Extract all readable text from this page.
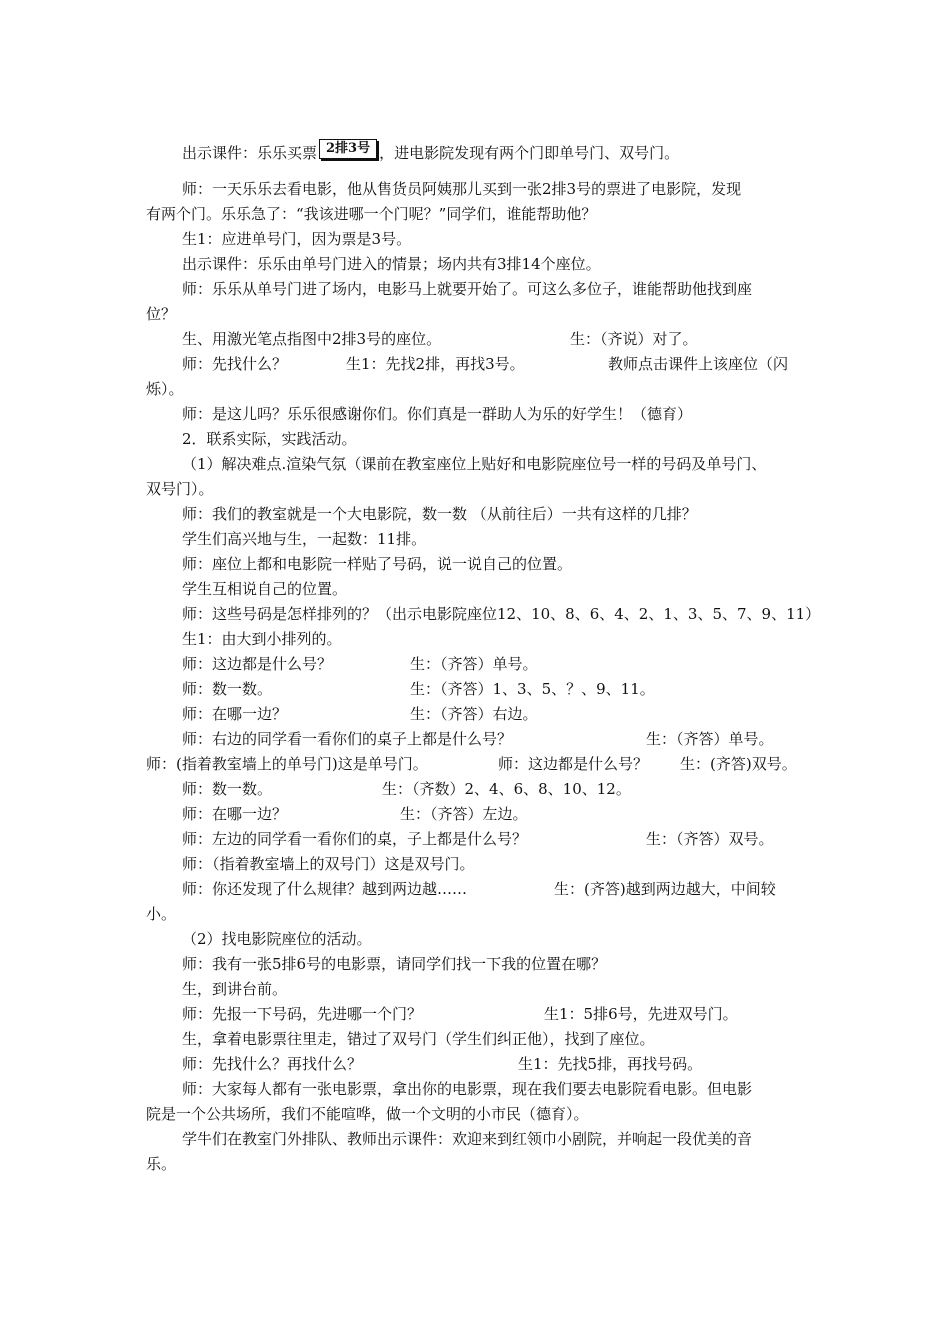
出示课件：乐乐买票 2排3号 ，进电影院发现有两个门即单号门、双号门。
师：一天乐乐去看电影，他从售货员阿姨那儿买到一张2排3号的票进了电影院，发现
有两个门。乐乐急了：“我该进哪一个门呢？”同学们，谁能帮助他？
生1：应进单号门，因为票是3号。
出示课件：乐乐由单号门进入的情景；场内共有3排14个座位。
师：乐乐从单号门进了场内，电影马上就要开始了。可这么多位子，谁能帮助他找到座
位？
生、用激光笔点指图中2排3号的座位。	生：（齐说）对了。
师：先找什么？	生1：先找2排，再找3号。	教师点击课件上该座位（闪
烁）。
师：是这儿吗？乐乐很感谢你们。你们真是一群助人为乐的好学生！（德育）
2．联系实际，实践活动。
（1）解决难点.渲染气氛（课前在教室座位上贴好和电影院座位号一样的号码及单号门、
双号门）。
师：我们的教室就是一个大电影院，数一数 （从前往后）一共有这样的几排？
学生们高兴地与生，一起数：11排。
师：座位上都和电影院一样贴了号码，说一说自己的位置。
学生互相说自己的位置。
师：这些号码是怎样排列的？（出示电影院座位12、10、8、6、4、2、1、3、5、7、9、11）
生1：由大到小排列的。
师：这边都是什么号？	生：（齐答）单号。
师：数一数。	生：（齐答）1、3、5、？、9、11。
师：在哪一边？	生：（齐答）右边。
师：右边的同学看一看你们的桌子上都是什么号？	生：（齐答）单号。
师：(指着教室墙上的单号门)这是单号门。	师：这边都是什么号？ 生：(齐答)双号。
师：数一数。	生：（齐数）2、4、6、8、10、12。
师：在哪一边？	生：（齐答）左边。
师：左边的同学看一看你们的桌，子上都是什么号？	生：（齐答）双号。
师：（指着教室墙上的双号门）这是双号门。
师：你还发现了什么规律？越到两边越……	生：(齐答)越到两边越大，中间较
小。
（2）找电影院座位的活动。
师：我有一张5排6号的电影票，请同学们找一下我的位置在哪？
生，到讲台前。
师：先报一下号码，先进哪一个门？	生1：5排6号，先进双号门。
生，拿着电影票往里走，错过了双号门（学生们纠正他），找到了座位。
师：先找什么？再找什么？	生1：先找5排，再找号码。
师：大家每人都有一张电影票，拿出你的电影票，现在我们要去电影院看电影。但电影
院是一个公共场所，我们不能喧哗，做一个文明的小市民（德育）。
学牛们在教室门外排队、教师出示课件：欢迎来到红领巾小剧院，并响起一段优美的音
乐。
